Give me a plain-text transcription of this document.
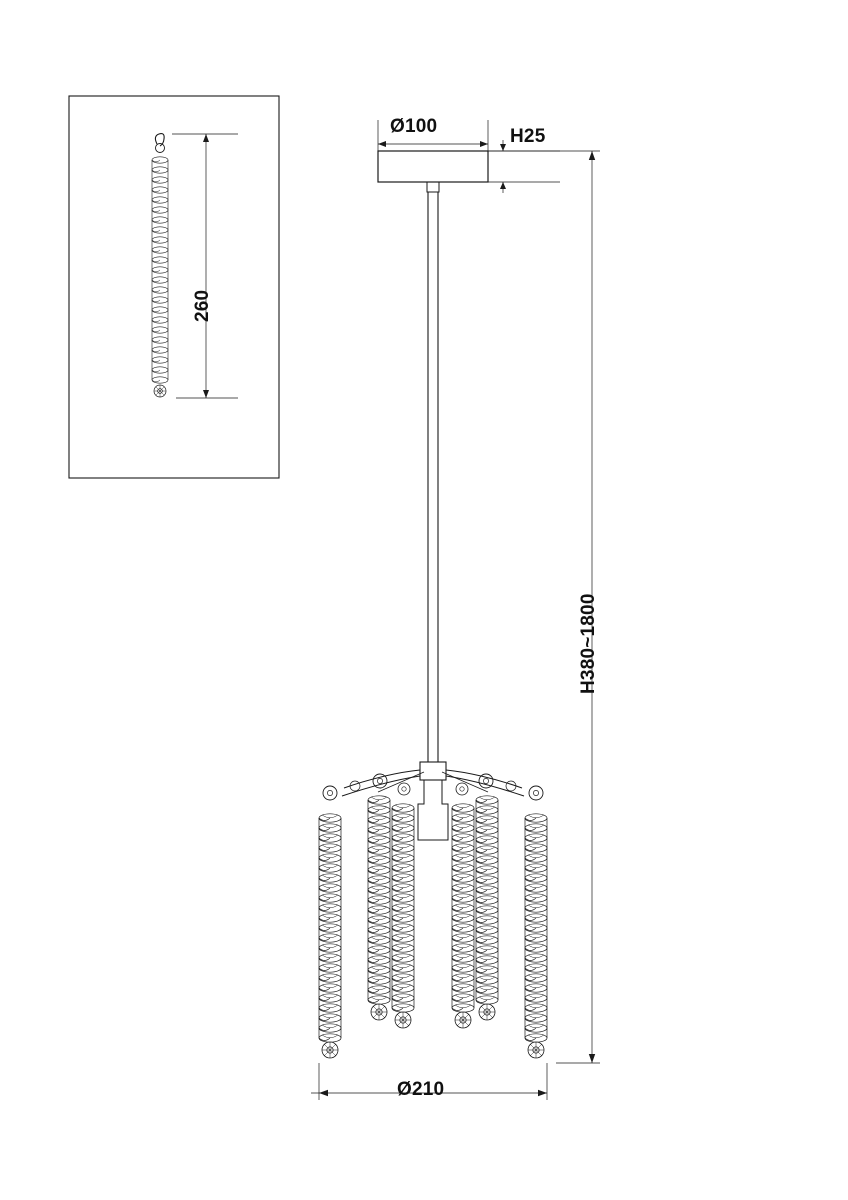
260
Ø100	H25
H380~1800
Ø210
